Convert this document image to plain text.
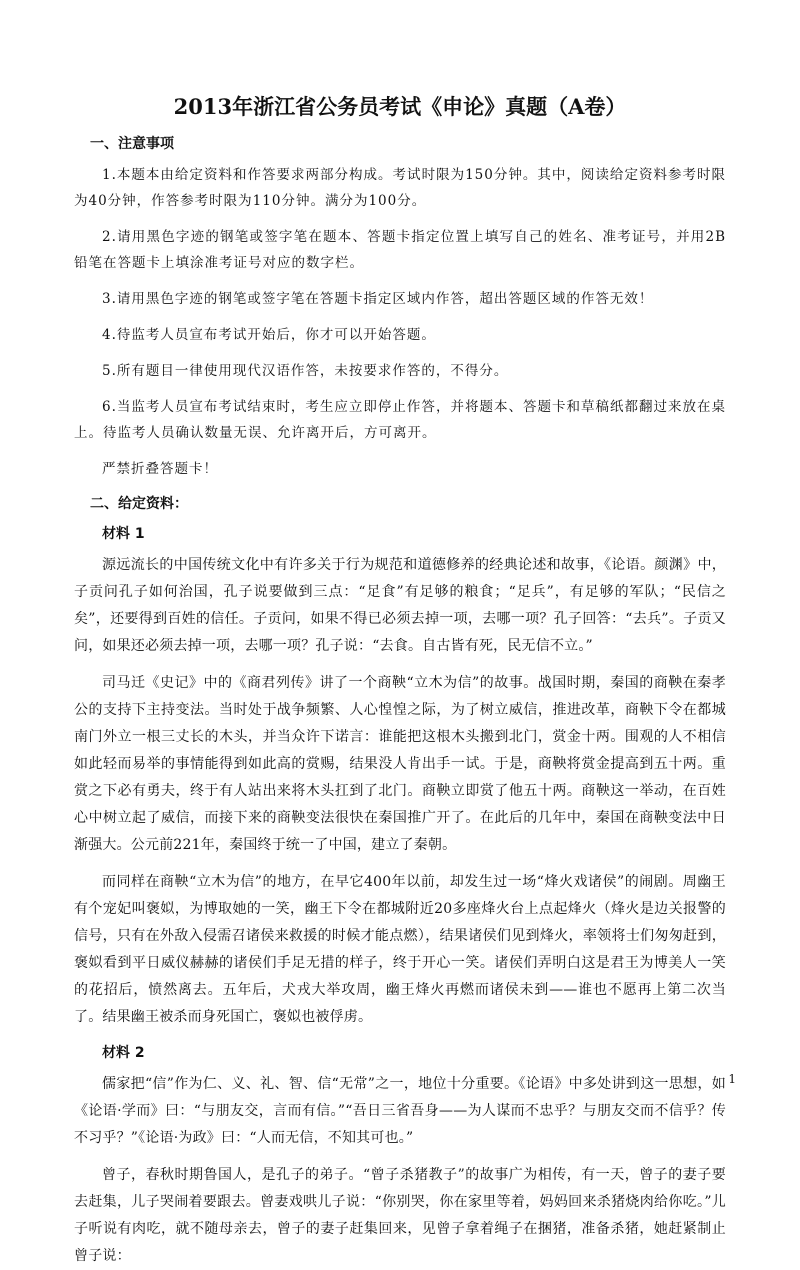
2013年浙江省公务员考试《申论》真题（A卷）
一、注意事项

1.本题本由给定资料和作答要求两部分构成。考试时限为150分钟。其中，阅读给定资料参考时限为40分钟，作答参考时限为110分钟。满分为100分。

2.请用黑色字迹的钢笔或签字笔在题本、答题卡指定位置上填写自己的姓名、准考证号，并用2B铅笔在答题卡上填涂准考证号对应的数字栏。

3.请用黑色字迹的钢笔或签字笔在答题卡指定区域内作答，超出答题区域的作答无效！

4.待监考人员宣布考试开始后，你才可以开始答题。

5.所有题目一律使用现代汉语作答，未按要求作答的，不得分。

6.当监考人员宣布考试结束时，考生应立即停止作答，并将题本、答题卡和草稿纸都翻过来放在桌上。待监考人员确认数量无误、允许离开后，方可离开。

严禁折叠答题卡！

二、给定资料：
材料 1

源远流长的中国传统文化中有许多关于行为规范和道德修养的经典论述和故事，《论语。颜渊》中，子贡问孔子如何治国，孔子说要做到三点：“足食”有足够的粮食；“足兵”，有足够的军队；“民信之矣”，还要得到百姓的信任。子贡问，如果不得已必须去掉一项，去哪一项？孔子回答：“去兵”。子贡又问，如果还必须去掉一项，去哪一项？孔子说：“去食。自古皆有死，民无信不立。”

司马迁《史记》中的《商君列传》讲了一个商鞅“立木为信”的故事。战国时期，秦国的商鞅在秦孝公的支持下主持变法。当时处于战争频繁、人心惶惶之际，为了树立威信，推进改革，商鞅下令在都城南门外立一根三丈长的木头，并当众许下诺言：谁能把这根木头搬到北门，赏金十两。围观的人不相信如此轻而易举的事情能得到如此高的赏赐，结果没人肯出手一试。于是，商鞅将赏金提高到五十两。重赏之下必有勇夫，终于有人站出来将木头扛到了北门。商鞅立即赏了他五十两。商鞅这一举动，在百姓心中树立起了威信，而接下来的商鞅变法很快在秦国推广开了。在此后的几年中，秦国在商鞅变法中日渐强大。公元前221年，秦国终于统一了中国，建立了秦朝。

而同样在商鞅“立木为信”的地方，在早它400年以前，却发生过一场“烽火戏诸侯”的闹剧。周幽王有个宠妃叫褒姒，为博取她的一笑，幽王下令在都城附近20多座烽火台上点起烽火（烽火是边关报警的信号，只有在外敌入侵需召诸侯来救援的时候才能点燃），结果诸侯们见到烽火，率领将士们匆匆赶到，褒姒看到平日威仪赫赫的诸侯们手足无措的样子，终于开心一笑。诸侯们弄明白这是君王为博美人一笑的花招后，愤然离去。五年后，犬戎大举攻周，幽王烽火再燃而诸侯未到——谁也不愿再上第二次当了。结果幽王被杀而身死国亡，褒姒也被俘虏。

材料 2

儒家把“信”作为仁、义、礼、智、信“无常”之一，地位十分重要。《论语》中多处讲到这一思想，如《论语·学而》曰：“与朋友交，言而有信。”“吾日三省吾身——为人谋而不忠乎？与朋友交而不信乎？传不习乎？”《论语·为政》曰：“人而无信，不知其可也。”

曾子，春秋时期鲁国人，是孔子的弟子。“曾子杀猪教子”的故事广为相传，有一天，曾子的妻子要去赶集，儿子哭闹着要跟去。曾妻戏哄儿子说：“你别哭，你在家里等着，妈妈回来杀猪烧肉给你吃。”儿子听说有肉吃，就不随母亲去，曾子的妻子赶集回来，见曾子拿着绳子在捆猪，准备杀猪，她赶紧制止曾子说：

1
